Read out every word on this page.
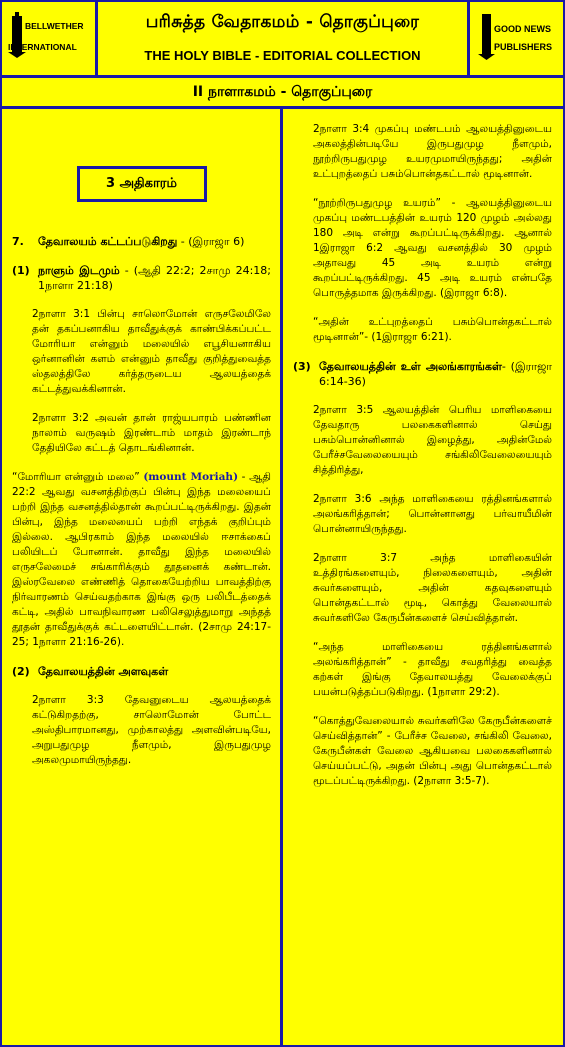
BELLWETHER
INTERNATIONAL
பரிசுத்த வேதாகமம் - தொகுப்புரை
THE HOLY BIBLE - EDITORIAL COLLECTION
GOOD NEWS
PUBLISHERS
II நாளாகமம் - தொகுப்புரை
3 அதிகாரம்
7.	தேவாலயம் கட்டப்படுகிறது - (இராஜா 6)
(1) நாளும் இடமும் - (ஆதி 22:2; 2சாமு 24:18; 1நாளா 21:18)

2நாளா 3:1 பின்பு சாலொமோன் எருசலேமிலே தன் தகப்பனாகிய தாவீதுக்குக் காண்பிக்கப்பட்ட மோரியா என்னும் மலையில் எபூசியனாகிய ஒர்னானின் களம் என்னும் தாவீது குறித்துவைத்த ஸ்தலத்திலே கர்த்தருடைய ஆலயத்தைக் கட்டத்துவக்கினான்.

2நாளா 3:2 அவன் தான் ராஜ்யபாரம் பண்ணின நாலாம் வருஷம் இரண்டாம் மாதம் இரண்டாந் தேதியிலே கட்டத் தொடங்கினான்.

“மோரியா என்னும் மலை” (mount Moriah) - ஆதி 22:2 ஆவது வசனத்திற்குப் பின்பு இந்த மலையைப் பற்றி இந்த வசனத்தில்தான் கூறப்பட்டிருக்கிறது. இதன் பின்பு, இந்த மலையைப் பற்றி எந்தக் குறிப்பும் இல்லை. ஆபிரகாம் இந்த மலையில் ஈசாக்கைப் பலியிடப் போனான். தாவீது இந்த மலையில் எருசலேமைச் சங்காரிக்கும் தூதனைக் கண்டான். இஸ்ரவேலை எண்ணித் தொகையேற்றிய பாவத்திற்கு நிர்வாரணம் செய்வதற்காக இங்கு ஒரு பலிபீடத்தைக் கட்டி, அதில் பாவநிவாரண பலிசெலுத்துமாறு அந்தத் தூதன் தாவீதுக்குக் கட்டளையிட்டான். (2சாமு 24:17-25; 1நாளா 21:16-26).

(2) தேவாலயத்தின் அளவுகள்

2நாளா 3:3 தேவனுடைய ஆலயத்தைக் கட்டுகிறதற்கு, சாலொமோன் போட்ட அஸ்திபாரமானது, முற்காலத்து அளவின்படியே, அறுபதுமுழ நீளமும், இருபதுமுழ அகலமுமாயிருந்தது.

2நாளா 3:4 முகப்பு மண்டபம் ஆலயத்தினுடைய அகலத்தின்படியே இருபதுமுழ நீளமும், நூற்றிருபதுமுழ உயரமுமாயிருந்தது; அதின் உட்புறத்தைப் பசும்பொன்தகட்டால் மூடினான்.

“நூற்றிருபதுமுழ உயரம்” - ஆலயத்தினுடைய முகப்பு மண்டபத்தின் உயரம் 120 முழம் அல்லது 180 அடி என்று கூறப்பட்டிருக்கிறது. ஆனால் 1இராஜா 6:2 ஆவது வசனத்தில் 30 முழம் அதாவது 45 அடி உயரம் என்று கூறப்பட்டிருக்கிறது. 45 அடி உயரம் என்பதே பொருத்தமாக இருக்கிறது. (இராஜா 6:8).

“அதின் உட்புறத்தைப் பசும்பொன்தகட்டால் மூடினான்”- (1இராஜா 6:21).

(3) தேவாலயத்தின் உள் அலங்காரங்கள்- (இராஜா 6:14-36)

2நாளா 3:5 ஆலயத்தின் பெரிய மாளிகையை தேவதாரு பலகைகளினால் செய்து பசும்பொன்னினால் இழைத்து, அதின்மேல் பேரீச்சவேலையையும் சங்கிலிவேலையையும் சித்திரித்து,

2நாளா 3:6 அந்த மாளிகையை ரத்தினங்களால் அலங்கரித்தான்; பொன்னானது பர்வாயீமின் பொன்னாயிருந்தது.

2நாளா 3:7 அந்த மாளிகையின் உத்திரங்களையும், நிலைகளையும், அதின் சுவர்களையும், அதின் கதவுகளையும் பொன்தகட்டால் மூடி, கொத்து வேலையால் சுவர்களிலே கேருபீன்களைச் செய்வித்தான்.

“அந்த மாளிகையை ரத்தினங்களால் அலங்கரித்தான்” - தாவீது சவதரித்து வைத்த கற்கள் இங்கு தேவாலயத்து வேலைக்குப் பயன்படுத்தப்படுகிறது. (1நாளா 29:2).

“கொத்துவேலையால் சுவர்களிலே கேருபீன்களைச் செய்வித்தான்” - பேரீச்ச வேலை, சங்கிலி வேலை, கேருபீன்கள் வேலை ஆகியவை பலகைகளினால் செய்யப்பட்டு, அதன் பின்பு அது பொன்தகட்டால் மூடப்பட்டிருக்கிறது. (2நாளா 3:5-7).
